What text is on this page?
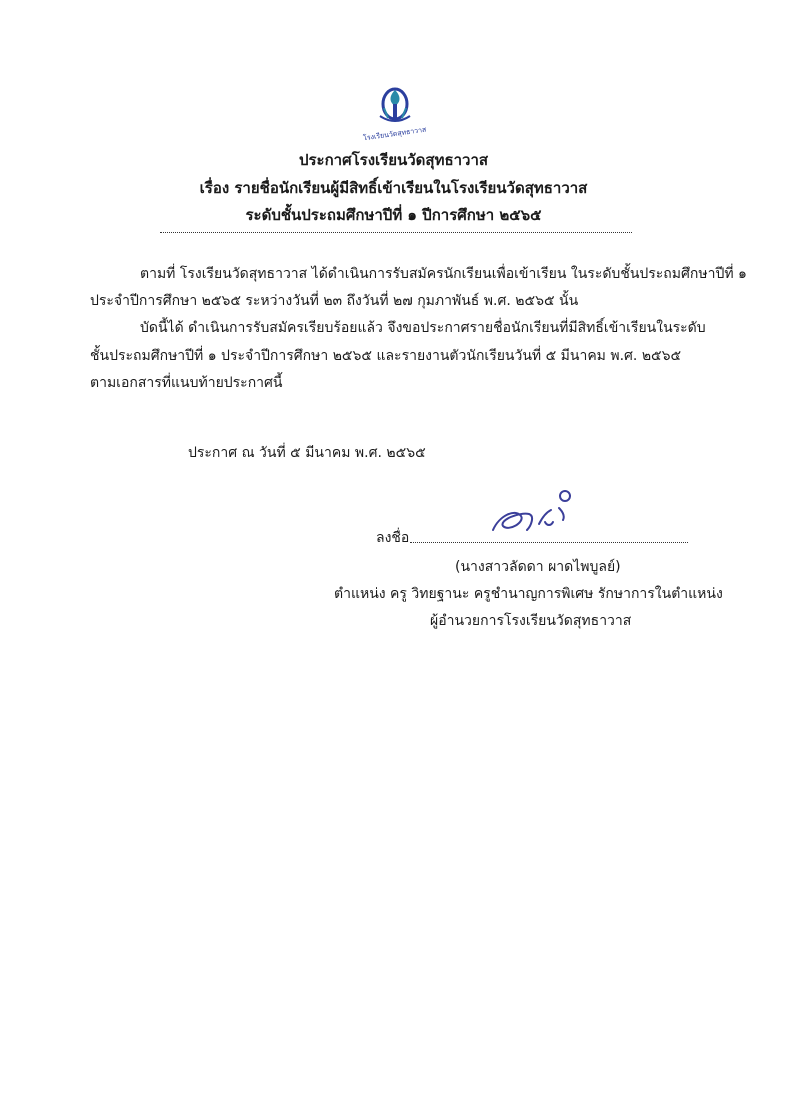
โรงเรียนวัดสุทธาวาส
ประกาศโรงเรียนวัดสุทธาวาส
เรื่อง รายชื่อนักเรียนผู้มีสิทธิ์เข้าเรียนในโรงเรียนวัดสุทธาวาส
ระดับชั้นประถมศึกษาปีที่ ๑ ปีการศึกษา ๒๕๖๕
ตามที่ โรงเรียนวัดสุทธาวาส ได้ดำเนินการรับสมัครนักเรียนเพื่อเข้าเรียน ในระดับชั้นประถมศึกษาปีที่ ๑
ประจำปีการศึกษา ๒๕๖๕ ระหว่างวันที่ ๒๓ ถึงวันที่ ๒๗ กุมภาพันธ์ พ.ศ. ๒๕๖๕ นั้น
บัดนี้ได้ ดำเนินการรับสมัครเรียบร้อยแล้ว จึงขอประกาศรายชื่อนักเรียนที่มีสิทธิ์เข้าเรียนในระดับ
ชั้นประถมศึกษาปีที่ ๑ ประจำปีการศึกษา ๒๕๖๕ และรายงานตัวนักเรียนวันที่ ๕ มีนาคม พ.ศ. ๒๕๖๕
ตามเอกสารที่แนบท้ายประกาศนี้
ประกาศ ณ วันที่ ๕ มีนาคม พ.ศ. ๒๕๖๕
ลงชื่อ
(นางสาวลัดดา ผาดไพบูลย์)
ตำแหน่ง ครู วิทยฐานะ ครูชำนาญการพิเศษ รักษาการในตำแหน่ง
ผู้อำนวยการโรงเรียนวัดสุทธาวาส
